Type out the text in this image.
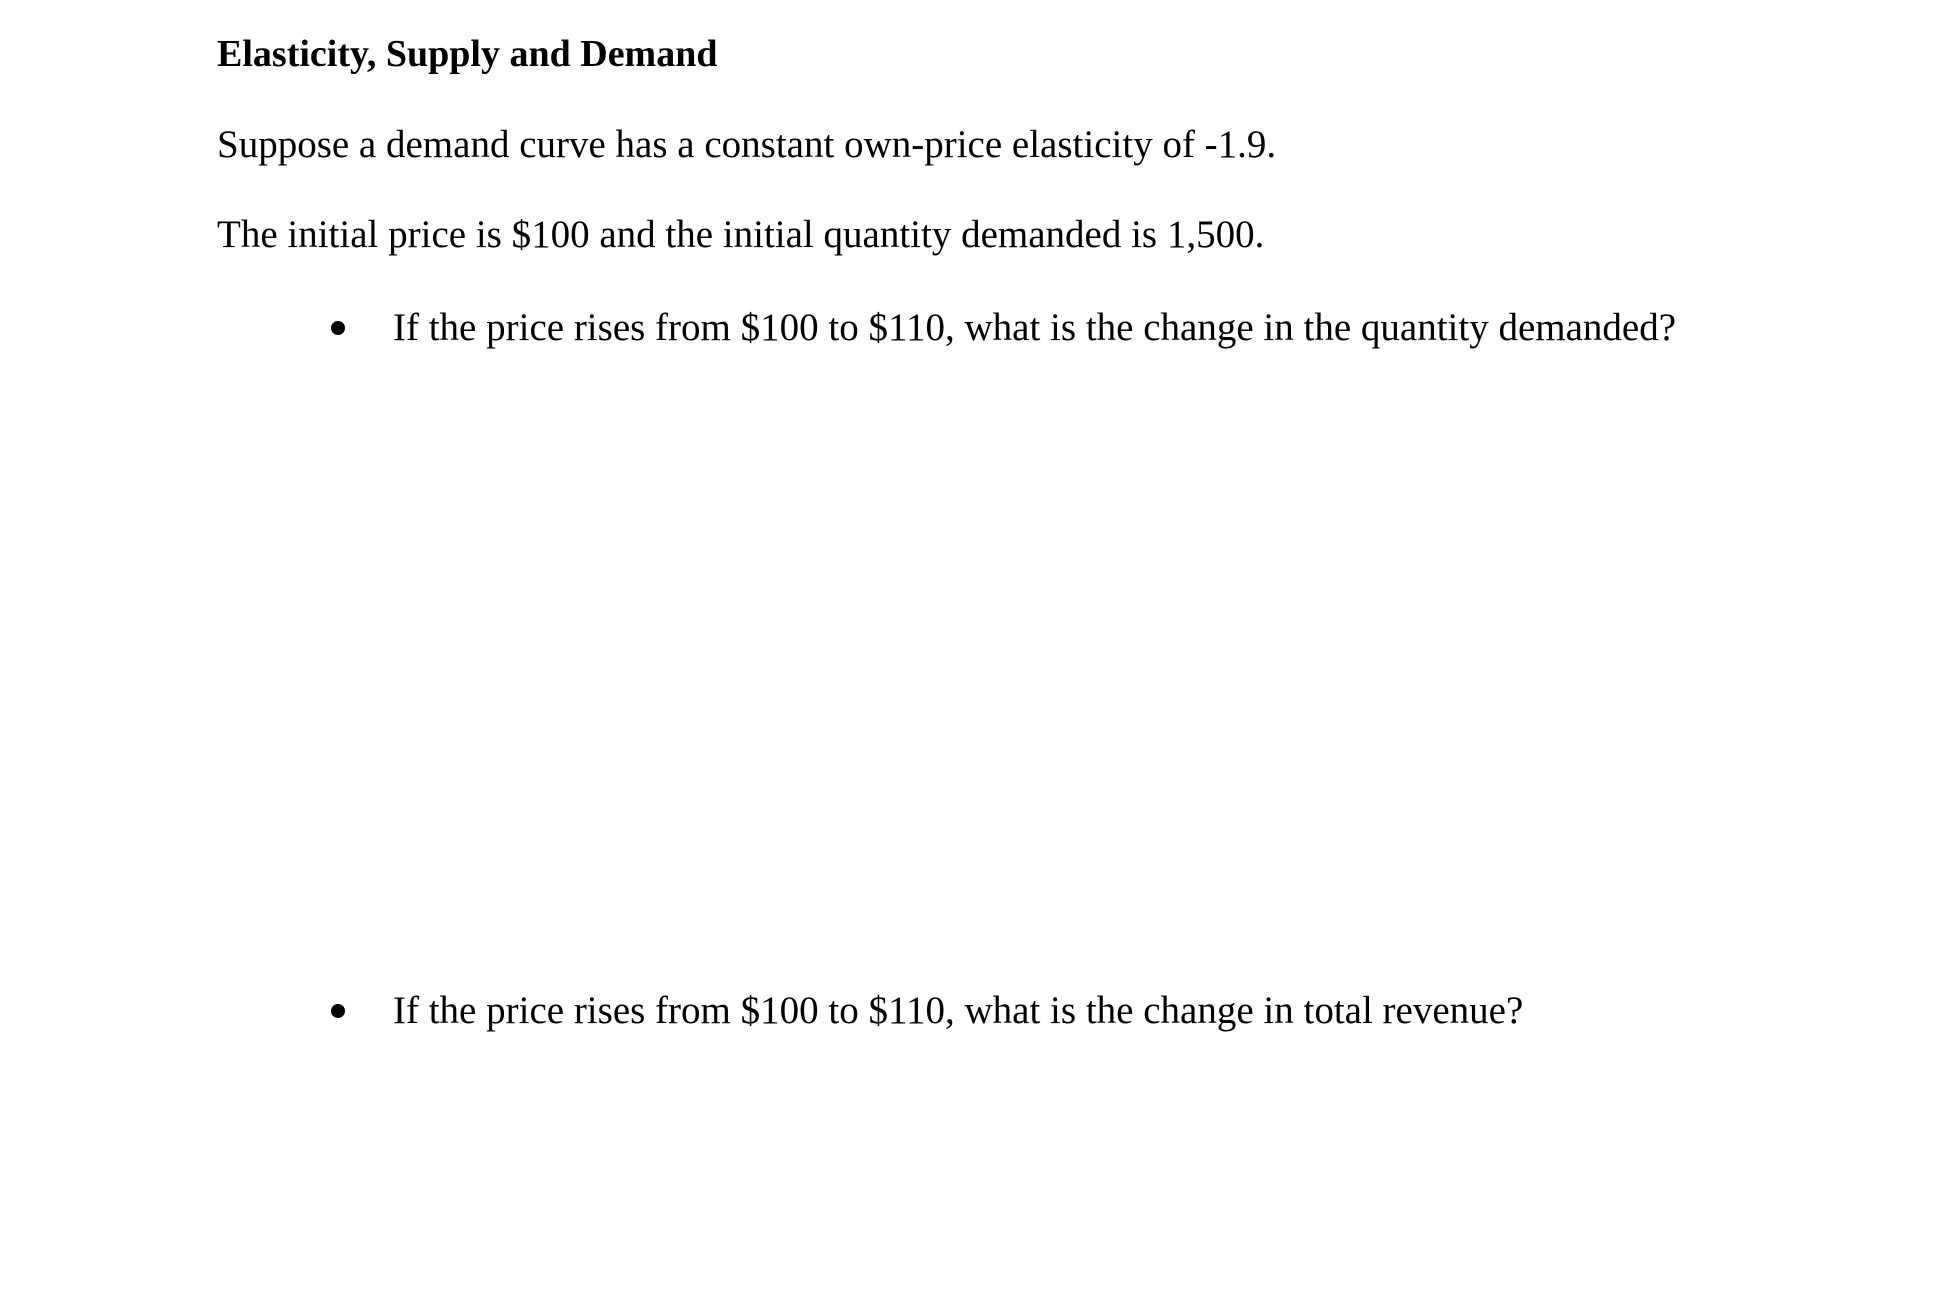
Elasticity, Supply and Demand

Suppose a demand curve has a constant own-price elasticity of -1.9.

The initial price is $100 and the initial quantity demanded is 1,500.

If the price rises from $100 to $110, what is the change in the quantity demanded?
If the price rises from $100 to $110, what is the change in total revenue?
